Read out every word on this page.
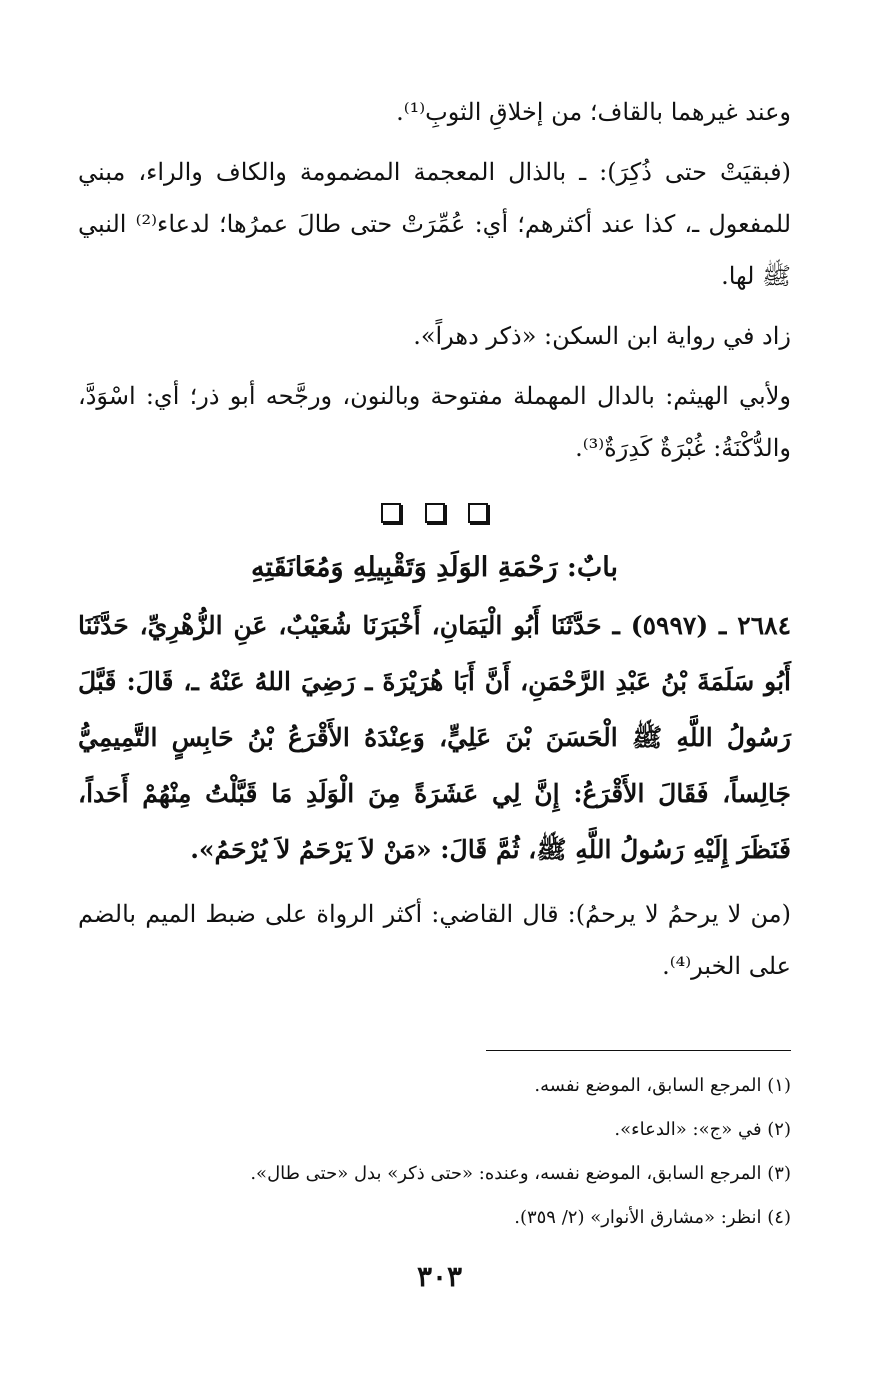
وعند غيرهما بالقاف؛ من إخلاقِ الثوبِ⁽¹⁾.

(فبقيَتْ حتى ذُكِرَ): ـ بالذال المعجمة المضمومة والكاف والراء، مبني للمفعول ـ، كذا عند أكثرهم؛ أي: عُمِّرَتْ حتى طالَ عمرُها؛ لدعاء⁽²⁾ النبي ﷺ لها.

زاد في رواية ابن السكن: «ذكر دهراً».

ولأبي الهيثم: بالدال المهملة مفتوحة وبالنون، ورجَّحه أبو ذر؛ أي: اسْوَدَّ، والدُّكْنَةُ: غُبْرَةٌ كَدِرَةٌ⁽³⁾.

بابٌ: رَحْمَةِ الوَلَدِ وَتَقْبِيلِهِ وَمُعَانَقَتِهِ

٢٦٨٤ ـ (٥٩٩٧) ـ حَدَّثَنَا أَبُو الْيَمَانِ، أَخْبَرَنَا شُعَيْبٌ، عَنِ الزُّهْرِيِّ، حَدَّثَنَا أَبُو سَلَمَةَ بْنُ عَبْدِ الرَّحْمَنِ، أَنَّ أَبَا هُرَيْرَةَ ـ رَضِيَ اللهُ عَنْهُ ـ، قَالَ: قَبَّلَ رَسُولُ اللَّهِ ﷺ الْحَسَنَ بْنَ عَلِيٍّ، وَعِنْدَهُ الأَقْرَعُ بْنُ حَابِسٍ التَّمِيمِيُّ جَالِساً، فَقَالَ الأَقْرَعُ: إِنَّ لِي عَشَرَةً مِنَ الْوَلَدِ مَا قَبَّلْتُ مِنْهُمْ أَحَداً، فَنَظَرَ إِلَيْهِ رَسُولُ اللَّهِ ﷺ، ثُمَّ قَالَ: «مَنْ لاَ يَرْحَمُ لاَ يُرْحَمُ».

(من لا يرحمُ لا يرحمُ): قال القاضي: أكثر الرواة على ضبط الميم بالضم على الخبر⁽⁴⁾.

(١) المرجع السابق، الموضع نفسه.

(٢) في «ج»: «الدعاء».

(٣) المرجع السابق، الموضع نفسه، وعنده: «حتى ذكر» بدل «حتى طال».

(٤) انظر: «مشارق الأنوار» (٢/ ٣٥٩).

٣٠٣
